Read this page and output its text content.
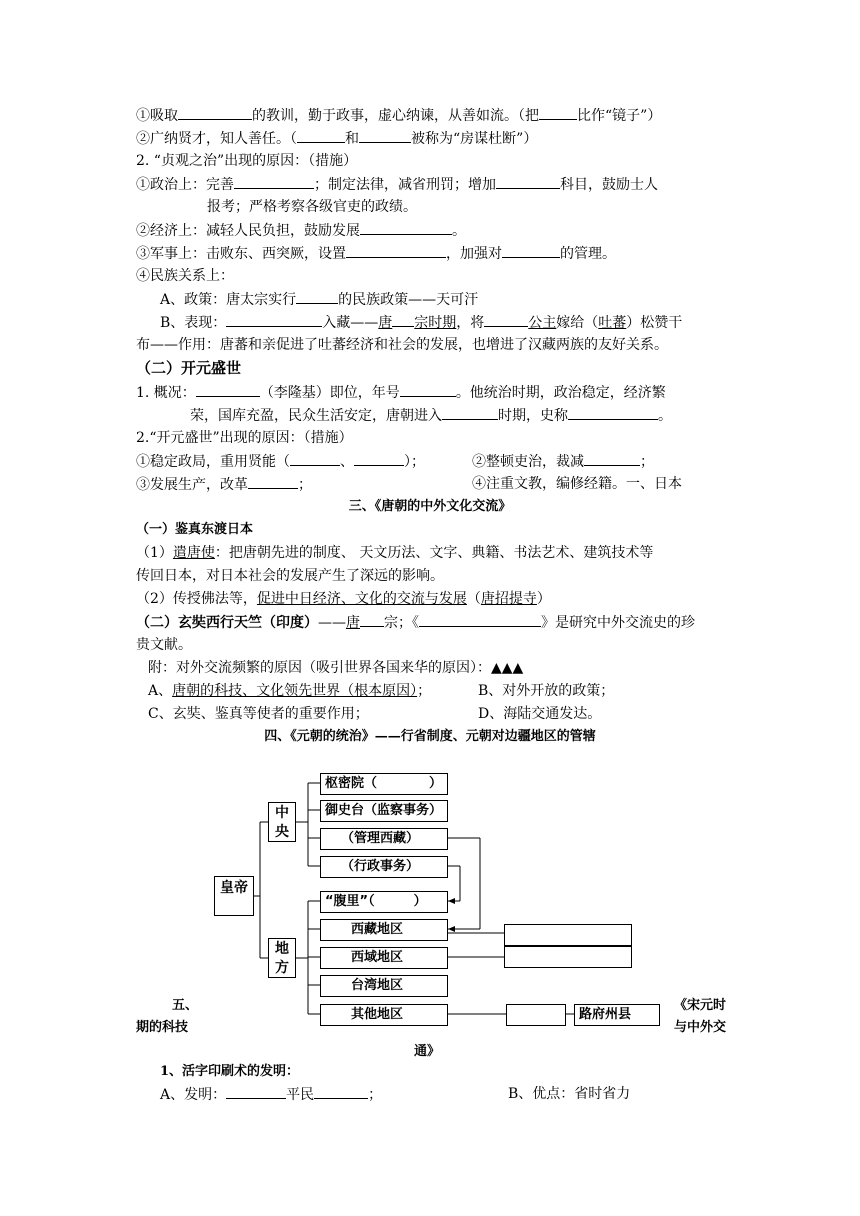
①吸取	的教训，勤于政事，虚心纳谏，从善如流。（把	比作“镜子”）
②广纳贤才，知人善任。（	和	被称为“房谋杜断”）
2. “贞观之治”出现的原因：（措施）
①政治上：完善	；制定法律，减省刑罚；增加	科目，鼓励士人
报考；严格考察各级官吏的政绩。
②经济上：减轻人民负担，鼓励发展	。
③军事上：击败东、西突厥，设置	，加强对	的管理。
④民族关系上：
A、政策：唐太宗实行	的民族政策——天可汗
B、表现：	入藏——唐 宗时期，将	公主嫁给（吐蕃）松赞干
布——作用：唐蕃和亲促进了吐蕃经济和社会的发展，也增进了汉藏两族的友好关系。
（二）开元盛世
1. 概况：	（李隆基）即位，年号	。他统治时期，政治稳定，经济繁
荣，国库充盈，民众生活安定，唐朝进入	时期，史称	。
2.“开元盛世”出现的原因：（措施）
①稳定政局，重用贤能（	、	）；	②整顿吏治，裁减	；
③发展生产，改革	；	④注重文教，编修经籍。一、日本
三、《唐朝的中外文化交流》
（一）鉴真东渡日本
（1）遣唐使：把唐朝先进的制度、 天文历法、文字、典籍、书法艺术、建筑技术等
传回日本，对日本社会的发展产生了深远的影响。
（2）传授佛法等，促进中日经济、文化的交流与发展（唐招提寺）
（二）玄奘西行天竺（印度）——唐 宗；《	》是研究中外交流史的珍
贵文献。
附：对外交流频繁的原因（吸引世界各国来华的原因）：▲▲▲
A、唐朝的科技、文化领先世界（根本原因）；	B、对外开放的政策；
C、玄奘、鉴真等使者的重要作用；	D、海陆交通发达。
四、《元朝的统治》——行省制度、元朝对边疆地区的管辖
皇帝
中央
地方
枢密院（　　　　）
御史台（监察事务）
（管理西藏）
（行政事务）
“腹里”（　　　）
西藏地区
西域地区
台湾地区
其他地区	路府州县
五、
期的科技
《宋元时
与中外交
通》
1、活字印刷术的发明：
A、发明：	平民	；	B、优点：省时省力
